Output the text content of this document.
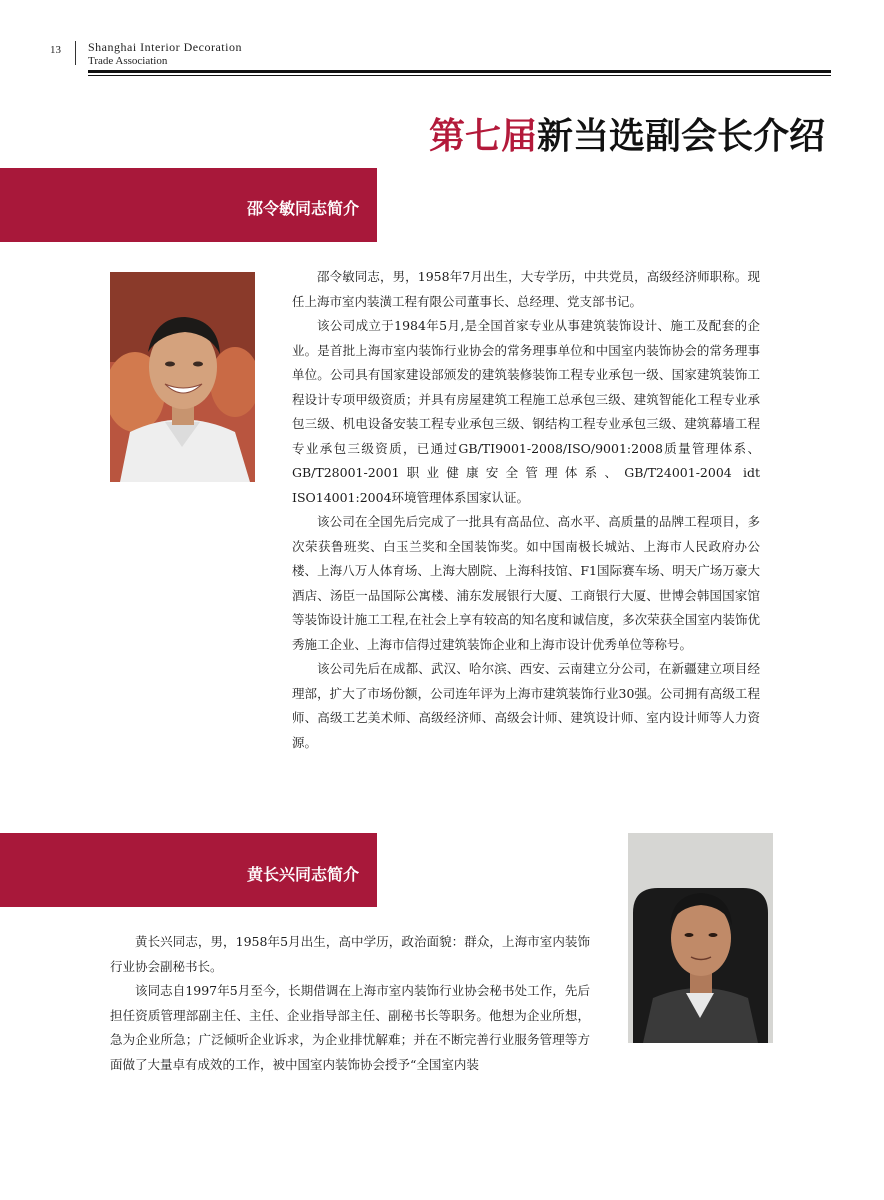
13 Shanghai Interior Decoration
Trade Association
第七届新当选副会长介绍
邵令敏同志简介

邵令敏同志，男，1958年7月出生，大专学历，中共党员，高级经济师职称。现任上海市室内装潢工程有限公司董事长、总经理、党支部书记。

该公司成立于1984年5月,是全国首家专业从事建筑装饰设计、施工及配套的企业。是首批上海市室内装饰行业协会的常务理事单位和中国室内装饰协会的常务理事单位。公司具有国家建设部颁发的建筑装修装饰工程专业承包一级、国家建筑装饰工程设计专项甲级资质；并具有房屋建筑工程施工总承包三级、建筑智能化工程专业承包三级、机电设备安装工程专业承包三级、钢结构工程专业承包三级、建筑幕墙工程专业承包三级资质，已通过GB/TI9001-2008/ISO/9001:2008质量管理体系、GB/T28001-2001职业健康安全管理体系、GB/T24001-2004 idt ISO14001:2004环境管理体系国家认证。

该公司在全国先后完成了一批具有高品位、高水平、高质量的品牌工程项目，多次荣获鲁班奖、白玉兰奖和全国装饰奖。如中国南极长城站、上海市人民政府办公楼、上海八万人体育场、上海大剧院、上海科技馆、F1国际赛车场、明天广场万豪大酒店、汤臣一品国际公寓楼、浦东发展银行大厦、工商银行大厦、世博会韩国国家馆等装饰设计施工工程,在社会上享有较高的知名度和诚信度，多次荣获全国室内装饰优秀施工企业、上海市信得过建筑装饰企业和上海市设计优秀单位等称号。

该公司先后在成都、武汉、哈尔滨、西安、云南建立分公司，在新疆建立项目经理部，扩大了市场份额，公司连年评为上海市建筑装饰行业30强。公司拥有高级工程师、高级工艺美术师、高级经济师、高级会计师、建筑设计师、室内设计师等人力资源。

黄长兴同志简介

黄长兴同志，男，1958年5月出生，高中学历，政治面貌：群众，上海市室内装饰行业协会副秘书长。

该同志自1997年5月至今，长期借调在上海市室内装饰行业协会秘书处工作，先后担任资质管理部副主任、主任、企业指导部主任、副秘书长等职务。他想为企业所想，急为企业所急；广泛倾听企业诉求，为企业排忧解难；并在不断完善行业服务管理等方面做了大量卓有成效的工作，被中国室内装饰协会授予“全国室内装
